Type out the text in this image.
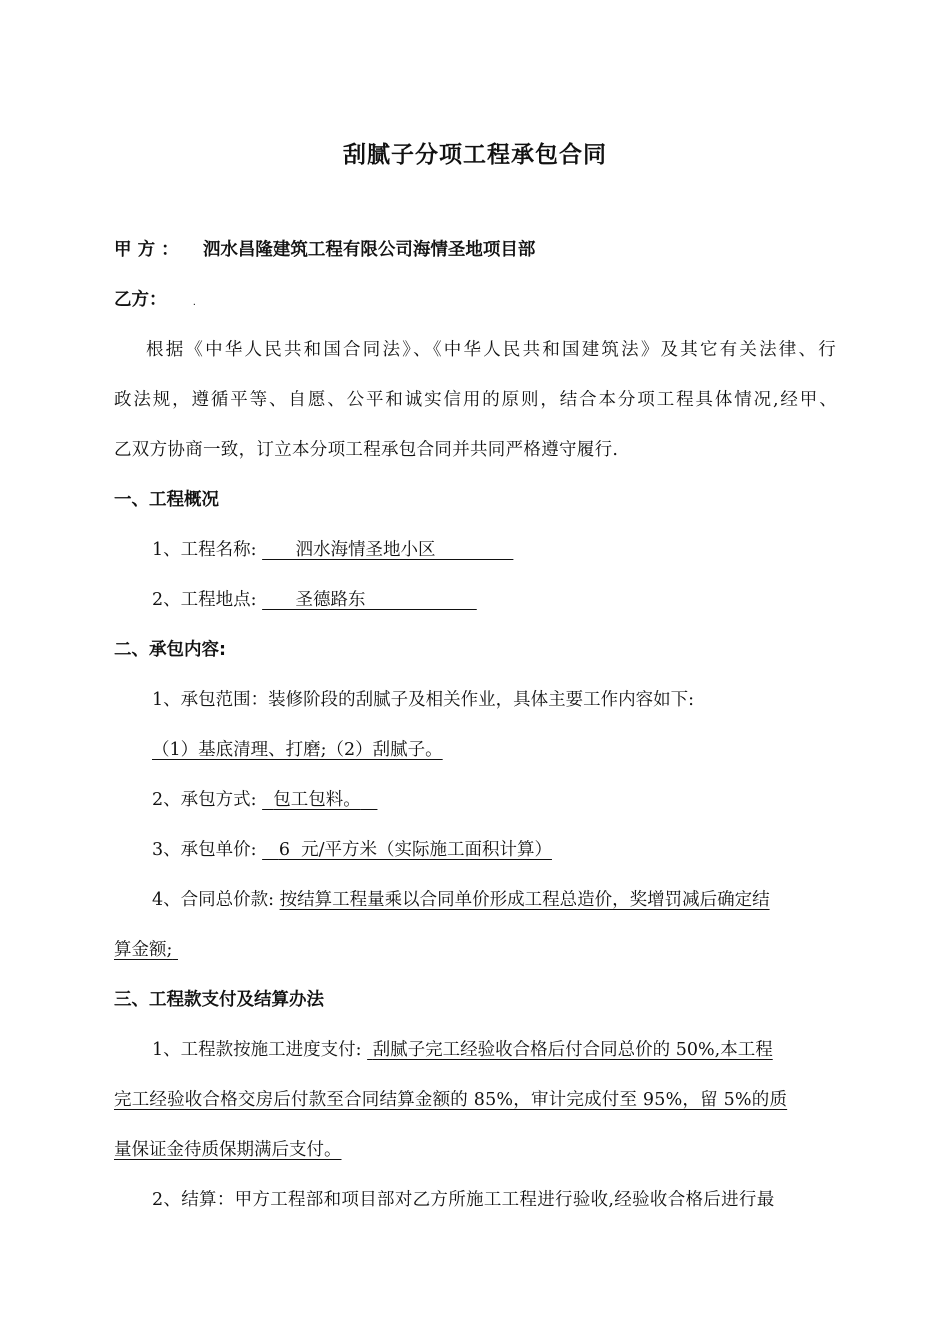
刮腻子分项工程承包合同
甲 方 ： 泗水昌隆建筑工程有限公司海情圣地项目部
乙方：	.
根据《中华人民共和国合同法》、《中华人民共和国建筑法》及其它有关法律、行
政法规，遵循平等、自愿、公平和诚实信用的原则，结合本分项工程具体情况,经甲、
乙双方协商一致，订立本分项工程承包合同并共同严格遵守履行.
一、工程概况
1、工程名称: 泗水海情圣地小区
2、工程地点: 圣德路东
二、承包内容:
1、承包范围：装修阶段的刮腻子及相关作业，具体主要工作内容如下:
（1）基底清理、打磨;（2）刮腻子。
2、承包方式: 包工包料。
3、承包单价: 6  元/平方米（实际施工面积计算）
4、合同总价款: 按结算工程量乘以合同单价形成工程总造价，奖增罚减后确定结
算金额;
三、工程款支付及结算办法
1、工程款按施工进度支付: 刮腻子完工经验收合格后付合同总价的 50%,本工程
完工经验收合格交房后付款至合同结算金额的 85%，审计完成付至 95%，留 5%的质
量保证金待质保期满后支付。
2、结算：甲方工程部和项目部对乙方所施工工程进行验收,经验收合格后进行最
